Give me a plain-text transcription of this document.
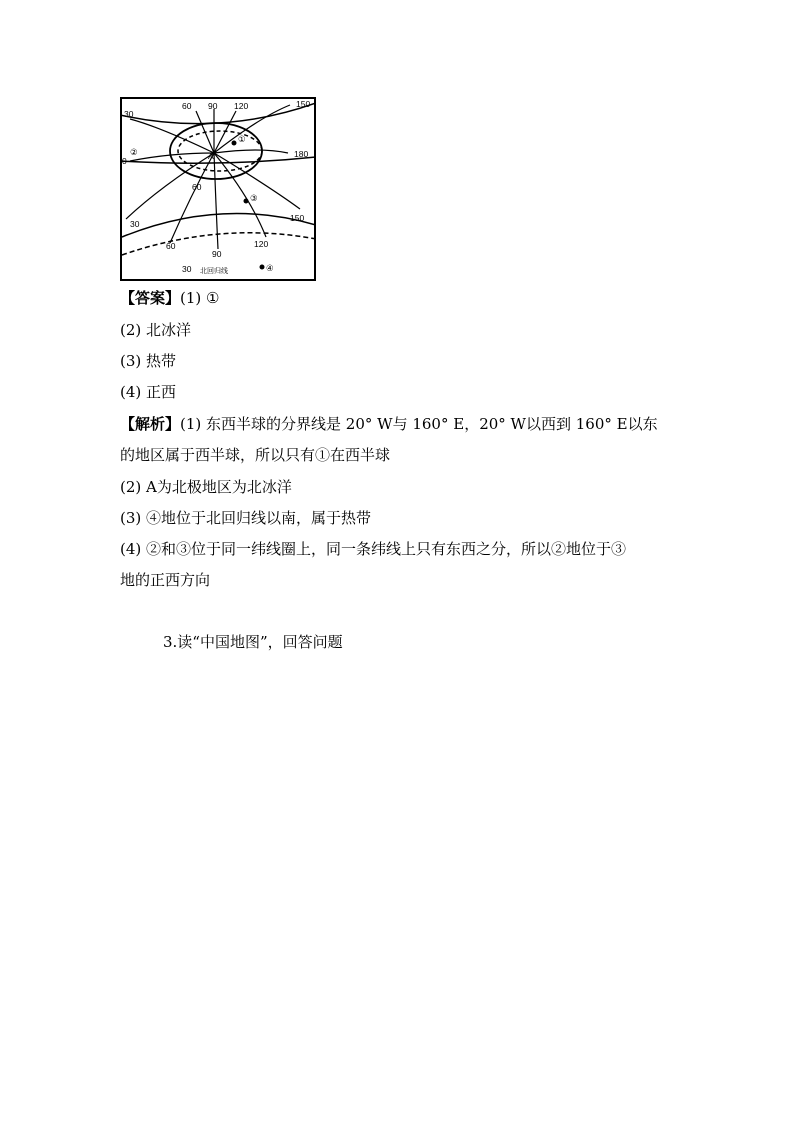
30
60 90 120	150
0
180
60
30
60
90
120
150
30 北回归线
A
①
②
③
④
【答案】(1) ①
(2) 北冰洋
(3) 热带
(4) 正西
【解析】(1) 东西半球的分界线是 20° W与 160° E，20° W以西到 160° E以东
的地区属于西半球，所以只有①在西半球
(2) A为北极地区为北冰洋
(3) ④地位于北回归线以南，属于热带
(4) ②和③位于同一纬线圈上，同一条纬线上只有东西之分，所以②地位于③
地的正西方向
3.读“中国地图”，回答问题
